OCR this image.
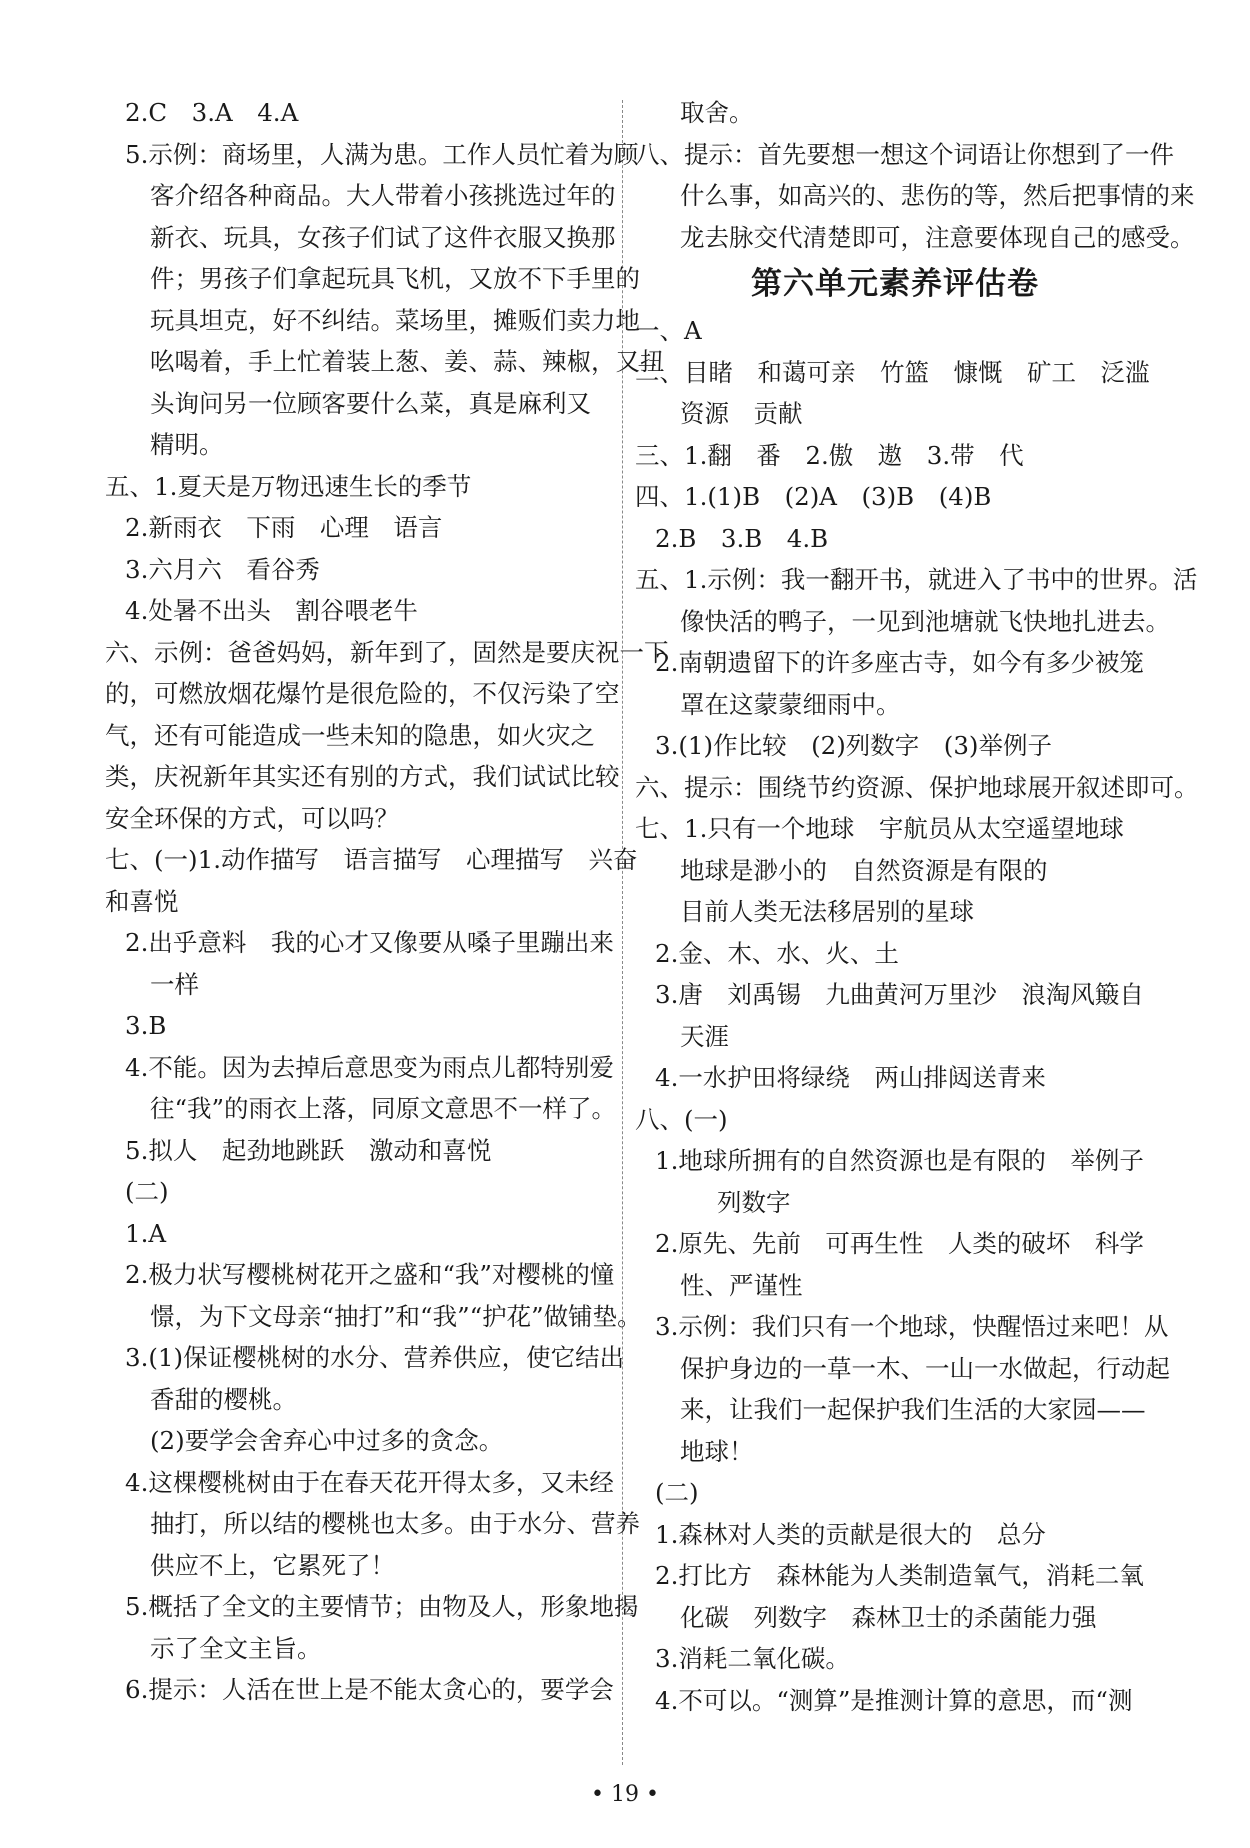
2.C　3.A　4.A
5.示例：商场里，人满为患。工作人员忙着为顾
客介绍各种商品。大人带着小孩挑选过年的
新衣、玩具，女孩子们试了这件衣服又换那
件；男孩子们拿起玩具飞机，又放不下手里的
玩具坦克，好不纠结。菜场里，摊贩们卖力地
吆喝着，手上忙着装上葱、姜、蒜、辣椒，又扭
头询问另一位顾客要什么菜，真是麻利又
精明。
五、1.夏天是万物迅速生长的季节
2.新雨衣　下雨　心理　语言
3.六月六　看谷秀
4.处暑不出头　割谷喂老牛
六、示例：爸爸妈妈，新年到了，固然是要庆祝一下
的，可燃放烟花爆竹是很危险的，不仅污染了空
气，还有可能造成一些未知的隐患，如火灾之
类，庆祝新年其实还有别的方式，我们试试比较
安全环保的方式，可以吗？
七、(一)1.动作描写　语言描写　心理描写　兴奋
和喜悦
2.出乎意料　我的心才又像要从嗓子里蹦出来
一样
3.B
4.不能。因为去掉后意思变为雨点儿都特别爱
往“我”的雨衣上落，同原文意思不一样了。
5.拟人　起劲地跳跃　激动和喜悦
(二)
1.A
2.极力状写樱桃树花开之盛和“我”对樱桃的憧
憬，为下文母亲“抽打”和“我”“护花”做铺垫。
3.(1)保证樱桃树的水分、营养供应，使它结出
香甜的樱桃。
(2)要学会舍弃心中过多的贪念。
4.这棵樱桃树由于在春天花开得太多，又未经
抽打，所以结的樱桃也太多。由于水分、营养
供应不上，它累死了！
5.概括了全文的主要情节；由物及人，形象地揭
示了全文主旨。
6.提示：人活在世上是不能太贪心的，要学会
取舍。
八、提示：首先要想一想这个词语让你想到了一件
什么事，如高兴的、悲伤的等，然后把事情的来
龙去脉交代清楚即可，注意要体现自己的感受。
第六单元素养评估卷
一、A
二、目睹　和蔼可亲　竹篮　慷慨　矿工　泛滥
资源　贡献
三、1.翻　番　2.傲　遨　3.带　代
四、1.(1)B　(2)A　(3)B　(4)B
2.B　3.B　4.B
五、1.示例：我一翻开书，就进入了书中的世界。活
像快活的鸭子，一见到池塘就飞快地扎进去。
2.南朝遗留下的许多座古寺，如今有多少被笼
罩在这蒙蒙细雨中。
3.(1)作比较　(2)列数字　(3)举例子
六、提示：围绕节约资源、保护地球展开叙述即可。
七、1.只有一个地球　宇航员从太空遥望地球
地球是渺小的　自然资源是有限的
目前人类无法移居别的星球
2.金、木、水、火、土
3.唐　刘禹锡　九曲黄河万里沙　浪淘风簸自
天涯
4.一水护田将绿绕　两山排闼送青来
八、(一)
1.地球所拥有的自然资源也是有限的　举例子
列数字
2.原先、先前　可再生性　人类的破坏　科学
性、严谨性
3.示例：我们只有一个地球，快醒悟过来吧！从
保护身边的一草一木、一山一水做起，行动起
来，让我们一起保护我们生活的大家园——
地球！
(二)
1.森林对人类的贡献是很大的　总分
2.打比方　森林能为人类制造氧气，消耗二氧
化碳　列数字　森林卫士的杀菌能力强
3.消耗二氧化碳。
4.不可以。“测算”是推测计算的意思，而“测
• 19 •
